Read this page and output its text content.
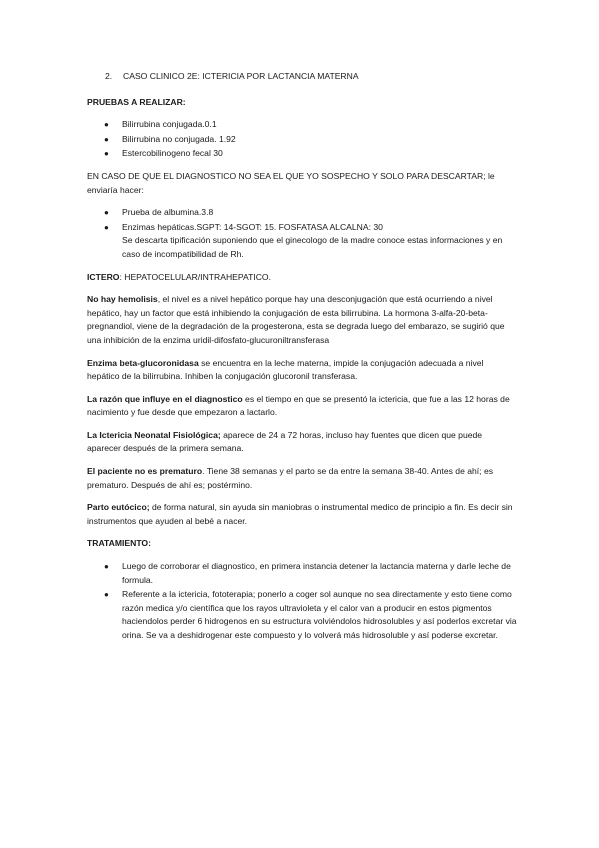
2. CASO CLINICO 2E: ICTERICIA POR LACTANCIA MATERNA

PRUEBAS A REALIZAR:

● Bilirrubina conjugada.0.1
● Bilirrubina no conjugada. 1.92
● Estercobilinogeno fecal 30

EN CASO DE QUE EL DIAGNOSTICO NO SEA EL QUE YO SOSPECHO Y SOLO PARA DESCARTAR; le enviaría hacer:

● Prueba de albumina.3.8
● Enzimas hepáticas.SGPT: 14-SGOT: 15. FOSFATASA ALCALNA: 30
Se descarta tipificación suponiendo que el ginecologo de la madre conoce estas informaciones y en caso de incompatibilidad de Rh.

ICTERO: HEPATOCELULAR/INTRAHEPATICO.

No hay hemolisis, el nivel es a nivel hepático porque hay una desconjugación que está ocurriendo a nivel hepático, hay un factor que está inhibiendo la conjugación de esta bilirrubina. La hormona 3-alfa-20-beta-pregnandiol, viene de la degradación de la progesterona, esta se degrada luego del embarazo, se sugirió que una inhibición de la enzima uridil-difosfato-glucuroniltransferasa

Enzima beta-glucoronidasa se encuentra en la leche materna, impide la conjugación adecuada a nivel hepático de la bilirrubina. Inhiben la conjugación glucoronil transferasa.

La razón que influye en el diagnostico es el tiempo en que se presentó la ictericia, que fue a las 12 horas de nacimiento y fue desde que empezaron a lactarlo.

La Ictericia Neonatal Fisiológica; aparece de 24 a 72 horas, incluso hay fuentes que dicen que puede aparecer después de la primera semana.

El paciente no es prematuro. Tiene 38 semanas y el parto se da entre la semana 38-40. Antes de ahí; es prematuro. Después de ahí es; postérmino.

Parto eutócico; de forma natural, sin ayuda sin maniobras o instrumental medico de principio a fin. Es decir sin instrumentos que ayuden al bebé a nacer.

TRATAMIENTO:

● Luego de corroborar el diagnostico, en primera instancia detener la lactancia materna y darle leche de formula.
● Referente a la ictericia, fototerapia; ponerlo a coger sol aunque no sea directamente y esto tiene como razón medica y/o científica que los rayos ultravioleta y el calor van a producir en estos pigmentos haciendolos perder 6 hidrogenos en su estructura volviéndolos hidrosolubles y así poderlos excretar via orina. Se va a deshidrogenar este compuesto y lo volverá más hidrosoluble y así poderse excretar.
